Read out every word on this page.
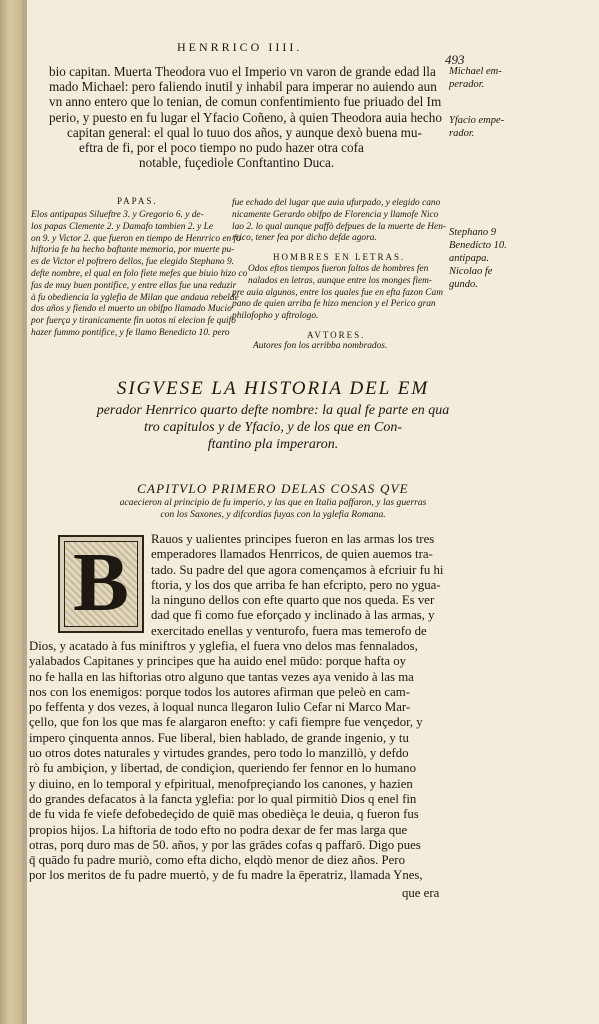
HENRRICO IIII.
493
bio capitan. Muerta Theodora vuo el Imperio vn varon de grande edad lla
mado Michael: pero faliendo inutil y inhabil para imperar no auiendo aun
vn anno entero que lo tenian, de comun confentimiento fue priuado del Im
perio, y puesto en fu lugar el Yfacio Coñeno, à quien Theodora auia hecho
capitan general: el qual lo tuuo dos años, y aunque dexò buena mu-
eftra de fi, por el poco tiempo no pudo hazer otra cofa
notable, fuçediole Conftantino Duca.
Michael em-
perador.
Yfacio empe-
rador.
PAPAS.
Elos antipapas Silueftre 3. y Gregorio 6. y de-
los papas Clemente 2. y Damafo tambien 2. y Le
on 9. y Victor 2. que fueron en tiempo de Henrrico en fu
hiftoria fe ha hecho baftante memoria, por muerte pu-
es de Victor el poftrero dellos, fue elegido Stephano 9.
defte nombre, el qual en folo fiete mefes que biuio hizo co
fas de muy buen pontifice, y entre ellas fue una reduzir
à fu obediencia la yglefia de Milan que andaua rebelde
dos años y fiendo el muerto un obifpo llamado Mucio
por fuerça y tiranicamente fin uotos ni elecion fe quifo
hazer fummo pontifice, y fe llamo Benedicto 10. pero
fue echado del lugar que auia ufurpado, y elegido cano
nicamente Gerardo obifpo de Florencia y llamofe Nico
lao 2. lo qual aunque paffò defpues de la muerte de Hen-
rrico, tener fea por dicho defde agora.
HOMBRES EN LETRAS.
Odos eftos tiempos fueron faltos de hombres fen
nalados en letras, aunque entre los monges fiem-
pre auia algunos, entre los quales fue en efta fazon Cam
pano de quien arriba fe hizo mencion y el Perico gran
philofopho y aftrologo.
AVTORES.
Autores fon los arribba nombrados.
Stephano 9
Benedicto 10.
antipapa.
Nicolao fe
gundo.
SIGVESE LA HISTORIA DEL EM
perador Henrrico quarto defte nombre: la qual fe parte en qua
tro capitulos y de Yfacio, y de los que en Con-
ftantino pla imperaron.
CAPITVLO PRIMERO DELAS COSAS QVE
acaecieron al principio de fu imperio, y las que en Italia paffaron, y las guerras
con los Saxones, y difcordias fuyas con la yglefia Romana.
B	Rauos y ualientes principes fueron en las armas los tres
emperadores llamados Henrricos, de quien auemos tra-
tado. Su padre del que agora començamos à efcriuir fu hi
ftoria, y los dos que arriba fe han efcripto, pero no ygua-
la ninguno dellos con efte quarto que nos queda. Es ver
dad que fi como fue eforçado y inclinado à las armas, y
exercitado enellas y venturofo, fuera mas temerofo de
Dios, y acatado à fus miniftros y yglefia, el fuera vno delos mas fennalados,
yalabados Capitanes y principes que ha auido enel mūdo: porque hafta oy
no fe halla en las hiftorias otro alguno que tantas vezes aya venido à las ma
nos con los enemigos: porque todos los autores afirman que peleò en cam-
po feffenta y dos vezes, à loqual nunca llegaron Iulio Cefar ni Marco Mar-
çello, que fon los que mas fe alargaron enefto: y cafi fiempre fue vençedor, y
impero çinquenta annos. Fue liberal, bien hablado, de grande ingenio, y tu
uo otros dotes naturales y virtudes grandes, pero todo lo manzillò, y defdo
rò fu ambiçion, y libertad, de condiçion, queriendo fer fennor en lo humano
y diuino, en lo temporal y efpiritual, menofpreçiando los canones, y hazien
do grandes defacatos à la fancta yglefia: por lo qual pirmitiò Dios q enel fin
de fu vida fe viefe defobedeçido de quiē mas obedièça le deuia, q fueron fus
propios hijos. La hiftoria de todo efto no podra dexar de fer mas larga que
otras, porq duro mas de 50. años, y por las grādes cofas q paffarō. Digo pues
q̄ quādo fu padre muriò, como efta dicho, elqdò menor de diez años. Pero
por los meritos de fu padre muertò, y de fu madre la ēperatriz, llamada Ynes,
que era
